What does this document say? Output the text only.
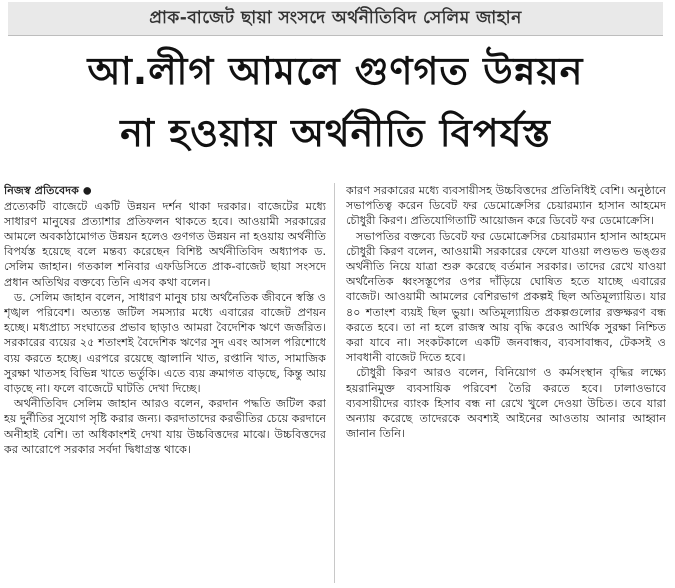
প্রাক-বাজেট ছায়া সংসদে অর্থনীতিবিদ সেলিম জাহান
আ.লীগ আমলে গুণগত উন্নয়ন
না হওয়ায় অর্থনীতি বিপর্যস্ত
নিজস্ব প্রতিবেদক ●

প্রত্যেকটি বাজেটে একটি উন্নয়ন দর্শন থাকা দরকার। বাজেটের মধ্যে সাধারণ মানুষের প্রত্যাশার প্রতিফলন থাকতে হবে। আওয়ামী সরকারের আমলে অবকাঠামোগত উন্নয়ন হলেও গুণগত উন্নয়ন না হওয়ায় অর্থনীতি বিপর্যস্ত হয়েছে বলে মন্তব্য করেছেন বিশিষ্ট অর্থনীতিবিদ অধ্যাপক ড. সেলিম জাহান। গতকাল শনিবার এফডিসিতে প্রাক-বাজেট ছায়া সংসদে প্রধান অতিথির বক্তব্যে তিনি এসব কথা বলেন।

ড. সেলিম জাহান বলেন, সাধারণ মানুষ চায় অর্থনৈতিক জীবনে স্বস্তি ও শৃঙ্খল পরিবেশ। অত্যন্ত জটিল সমস্যার মধ্যে এবারের বাজেট প্রণয়ন হচ্ছে। মধ্যপ্রাচ্য সংঘাতের প্রভাব ছাড়াও আমরা বৈদেশিক ঋণে জর্জরিত। সরকারের ব্যয়ের ২৫ শতাংশই বৈদেশিক ঋণের সুদ এবং আসল পরিশোধে ব্যয় করতে হচ্ছে। এরপরে রয়েছে জ্বালানি খাত, রপ্তানি খাত, সামাজিক সুরক্ষা খাতসহ বিভিন্ন খাতে ভর্তুকি। এতে ব্যয় ক্রমাগত বাড়ছে, কিন্তু আয় বাড়ছে না। ফলে বাজেটে ঘাটতি দেখা দিচ্ছে।

অর্থনীতিবিদ সেলিম জাহান আরও বলেন, করদান পদ্ধতি জটিল করা হয় দুর্নীতির সুযোগ সৃষ্টি করার জন্য। করদাতাদের করভীতির চেয়ে করদানে অনীহাই বেশি। তা অধিকাংশই দেখা যায় উচ্চবিত্তদের মাঝে। উচ্চবিত্তদের কর আরোপে সরকার সর্বদা দ্বিধাগ্রস্ত থাকে।

কারণ সরকারের মধ্যে ব্যবসায়ীসহ উচ্চবিত্তদের প্রতিনিধিই বেশি। অনুষ্ঠানে সভাপতিত্ব করেন ডিবেট ফর ডেমোক্রেসির চেয়ারম্যান হাসান আহমেদ চৌধুরী কিরণ। প্রতিযোগিতাটি আয়োজন করে ডিবেট ফর ডেমোক্রেসি।

সভাপতির বক্তব্যে ডিবেট ফর ডেমোক্রেসির চেয়ারম্যান হাসান আহমেদ চৌধুরী কিরণ বলেন, আওয়ামী সরকারের ফেলে যাওয়া লণ্ডভণ্ড ভঙ্গুর অর্থনীতি নিয়ে যাত্রা শুরু করেছে বর্তমান সরকার। তাদের রেখে যাওয়া অর্থনৈতিক ধ্বংসস্তূপের ওপর দাঁড়িয়ে ঘোষিত হতে যাচ্ছে এবারের বাজেট। আওয়ামী আমলের বেশিরভাগ প্রকল্পই ছিল অতিমূল্যায়িত। যার ৪০ শতাংশ ব্যয়ই ছিল ভুয়া। অতিমূল্যায়িত প্রকল্পগুলোর রক্তক্ষরণ বন্ধ করতে হবে। তা না হলে রাজস্ব আয় বৃদ্ধি করেও আর্থিক সুরক্ষা নিশ্চিত করা যাবে না। সংকটকালে একটি জনবান্ধব, ব্যবসাবান্ধব, টেকসই ও সাবধানী বাজেট দিতে হবে।

চৌধুরী কিরণ আরও বলেন, বিনিয়োগ ও কর্মসংস্থান বৃদ্ধির লক্ষ্যে হয়রানিমুক্ত ব্যবসায়িক পরিবেশ তৈরি করতে হবে। ঢালাওভাবে ব্যবসায়ীদের ব্যাংক হিসাব বন্ধ না রেখে খুলে দেওয়া উচিত। তবে যারা অন্যায় করেছে তাদেরকে অবশ্যই আইনের আওতায় আনার আহ্বান জানান তিনি।
